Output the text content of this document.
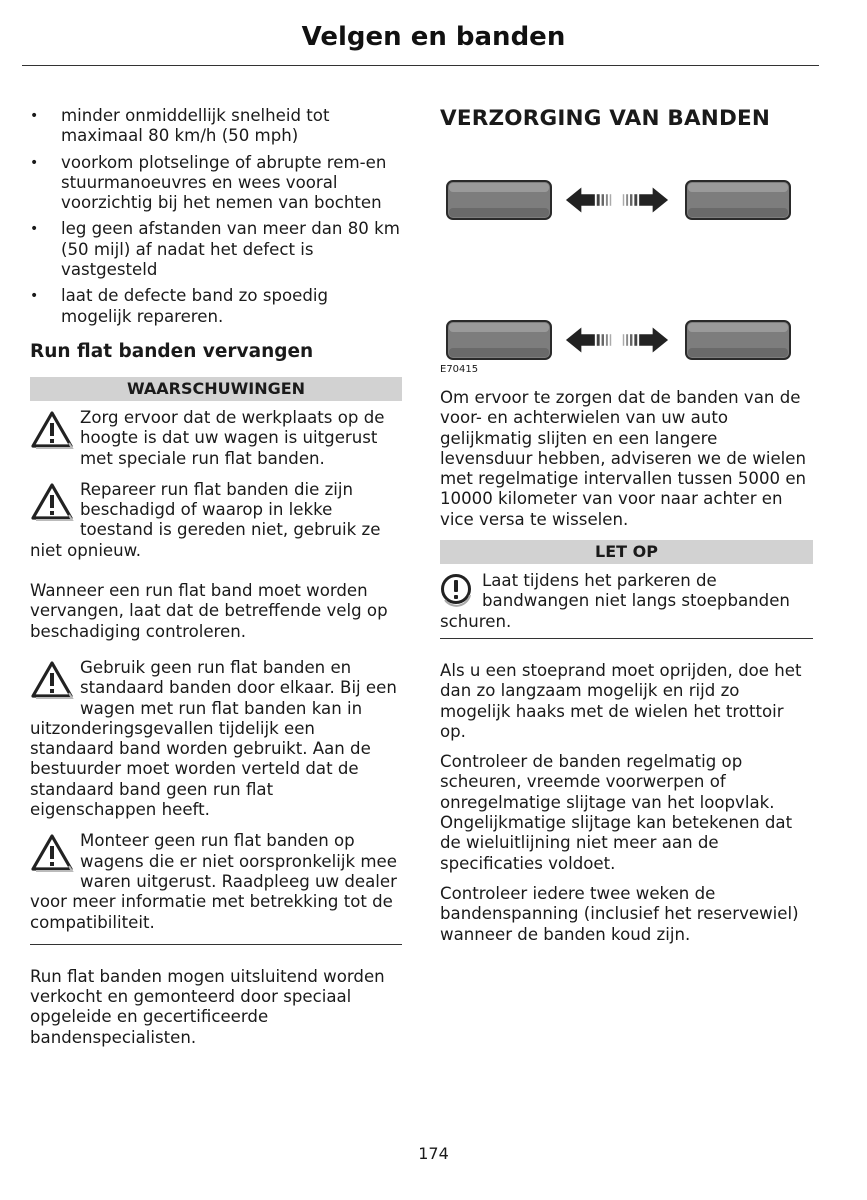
Velgen en banden
• minder onmiddellijk snelheid tot maximaal 80 km/h (50 mph)
• voorkom plotselinge of abrupte rem-en stuurmanoeuvres en wees vooral voorzichtig bij het nemen van bochten
• leg geen afstanden van meer dan 80 km (50 mijl) af nadat het defect is vastgesteld
• laat de defecte band zo spoedig mogelijk repareren.
Run flat banden vervangen
WAARSCHUWINGEN

Zorg ervoor dat de werkplaats op de hoogte is dat uw wagen is uitgerust met speciale run flat banden.

Repareer run flat banden die zijn beschadigd of waarop in lekke toestand is gereden niet, gebruik ze niet opnieuw.

Wanneer een run flat band moet worden vervangen, laat dat de betreffende velg op beschadiging controleren.

Gebruik geen run flat banden en standaard banden door elkaar. Bij een wagen met run flat banden kan in uitzonderingsgevallen tijdelijk een standaard band worden gebruikt. Aan de bestuurder moet worden verteld dat de standaard band geen run flat eigenschappen heeft.

Monteer geen run flat banden op wagens die er niet oorspronkelijk mee waren uitgerust. Raadpleeg uw dealer voor meer informatie met betrekking tot de compatibiliteit.

Run flat banden mogen uitsluitend worden verkocht en gemonteerd door speciaal opgeleide en gecertificeerde bandenspecialisten.

VERZORGING VAN BANDEN
E70415

Om ervoor te zorgen dat de banden van de voor- en achterwielen van uw auto gelijkmatig slijten en een langere levensduur hebben, adviseren we de wielen met regelmatige intervallen tussen 5000 en 10000 kilometer van voor naar achter en vice versa te wisselen.

LET OP

Laat tijdens het parkeren de bandwangen niet langs stoepbanden schuren.

Als u een stoeprand moet oprijden, doe het dan zo langzaam mogelijk en rijd zo mogelijk haaks met de wielen het trottoir op.

Controleer de banden regelmatig op scheuren, vreemde voorwerpen of onregelmatige slijtage van het loopvlak. Ongelijkmatige slijtage kan betekenen dat de wieluitlijning niet meer aan de specificaties voldoet.

Controleer iedere twee weken de bandenspanning (inclusief het reservewiel) wanneer de banden koud zijn.

174
